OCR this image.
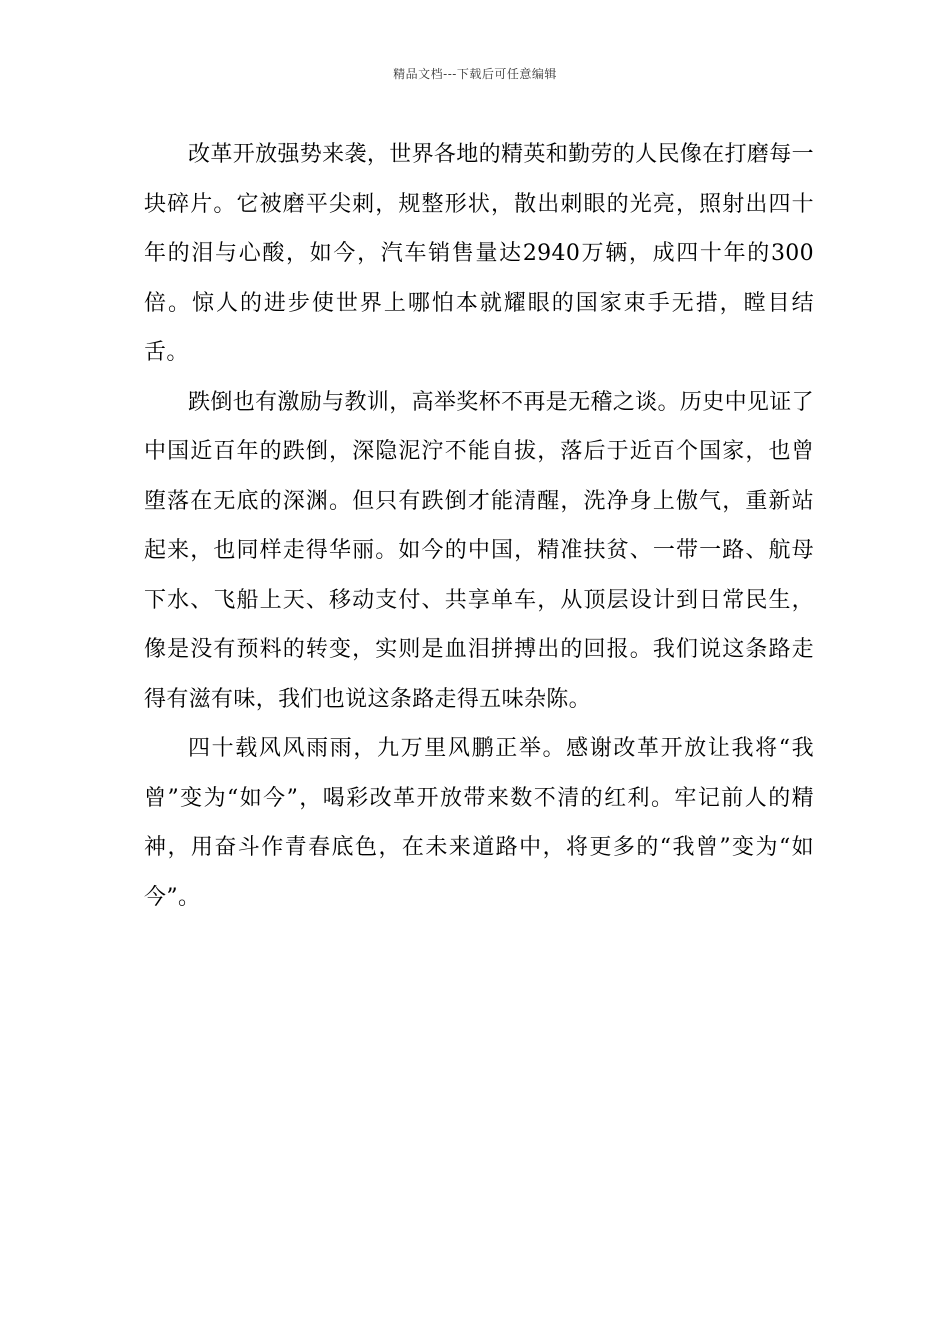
精品文档---下载后可任意编辑

改革开放强势来袭，世界各地的精英和勤劳的人民像在打磨每一块碎片。它被磨平尖刺，规整形状，散出刺眼的光亮，照射出四十年的泪与心酸，如今，汽车销售量达2940万辆，成四十年的300倍。惊人的进步使世界上哪怕本就耀眼的国家束手无措，瞠目结舌。

跌倒也有激励与教训，高举奖杯不再是无稽之谈。历史中见证了中国近百年的跌倒，深隐泥泞不能自拔，落后于近百个国家，也曾堕落在无底的深渊。但只有跌倒才能清醒，洗净身上傲气，重新站起来，也同样走得华丽。如今的中国，精准扶贫、一带一路、航母下水、飞船上天、移动支付、共享单车，从顶层设计到日常民生，像是没有预料的转变，实则是血泪拼搏出的回报。我们说这条路走得有滋有味，我们也说这条路走得五味杂陈。

四十载风风雨雨，九万里风鹏正举。感谢改革开放让我将“我曾”变为“如今”，喝彩改革开放带来数不清的红利。牢记前人的精神，用奋斗作青春底色，在未来道路中，将更多的“我曾”变为“如今”。
